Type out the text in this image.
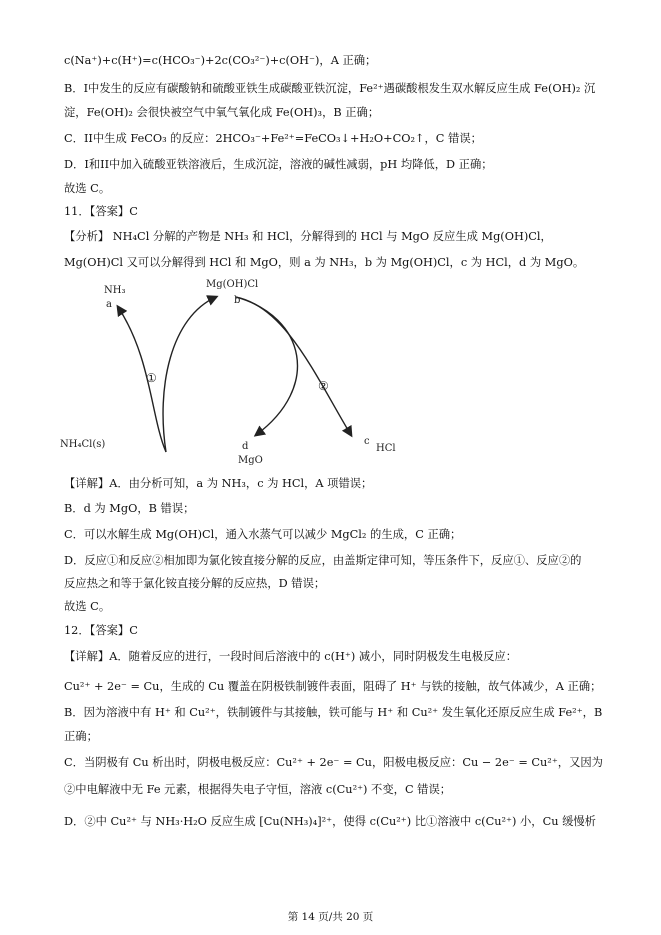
c(Na⁺)+c(H⁺)=c(HCO₃⁻)+2c(CO₃²⁻)+c(OH⁻)，A 正确；
B．I中发生的反应有碳酸钠和硫酸亚铁生成碳酸亚铁沉淀，Fe²⁺遇碳酸根发生双水解反应生成 Fe(OH)₂ 沉
淀，Fe(OH)₂ 会很快被空气中氧气氧化成 Fe(OH)₃，B 正确；
C．II中生成 FeCO₃ 的反应：2HCO₃⁻+Fe²⁺=FeCO₃↓+H₂O+CO₂↑，C 错误；
D．I和II中加入硫酸亚铁溶液后，生成沉淀，溶液的碱性减弱，pH 均降低，D 正确；
故选 C。
11．【答案】C
【分析】 NH₄Cl 分解的产物是 NH₃ 和 HCl，分解得到的 HCl 与 MgO 反应生成 Mg(OH)Cl，
Mg(OH)Cl 又可以分解得到 HCl 和 MgO，则 a 为 NH₃，b 为 Mg(OH)Cl，c 为 HCl，d 为 MgO。
NH₃
a
Mg(OH)Cl
b
①
②
NH₄Cl(s)	d
MgO
c
HCl
【详解】A．由分析可知，a 为 NH₃，c 为 HCl，A 项错误；
B．d 为 MgO，B 错误；
C．可以水解生成 Mg(OH)Cl，通入水蒸气可以减少 MgCl₂ 的生成，C 正确；
D．反应①和反应②相加即为氯化铵直接分解的反应，由盖斯定律可知，等压条件下，反应①、反应②的
反应热之和等于氯化铵直接分解的反应热，D 错误；
故选 C。
12．【答案】C
【详解】A．随着反应的进行，一段时间后溶液中的 c(H⁺) 减小，同时阴极发生电极反应：
Cu²⁺ + 2e⁻ = Cu，生成的 Cu 覆盖在阴极铁制镀件表面，阻碍了 H⁺ 与铁的接触，故气体减少，A 正确；
B．因为溶液中有 H⁺ 和 Cu²⁺，铁制镀件与其接触，铁可能与 H⁺ 和 Cu²⁺ 发生氧化还原反应生成 Fe²⁺，B
正确；
C．当阴极有 Cu 析出时，阴极电极反应：Cu²⁺ + 2e⁻ = Cu，阳极电极反应：Cu − 2e⁻ = Cu²⁺，又因为
②中电解液中无 Fe 元素，根据得失电子守恒，溶液 c(Cu²⁺) 不变，C 错误；
D．②中 Cu²⁺ 与 NH₃·H₂O 反应生成 [Cu(NH₃)₄]²⁺，使得 c(Cu²⁺) 比①溶液中 c(Cu²⁺) 小，Cu 缓慢析
第 14 页/共 20 页
